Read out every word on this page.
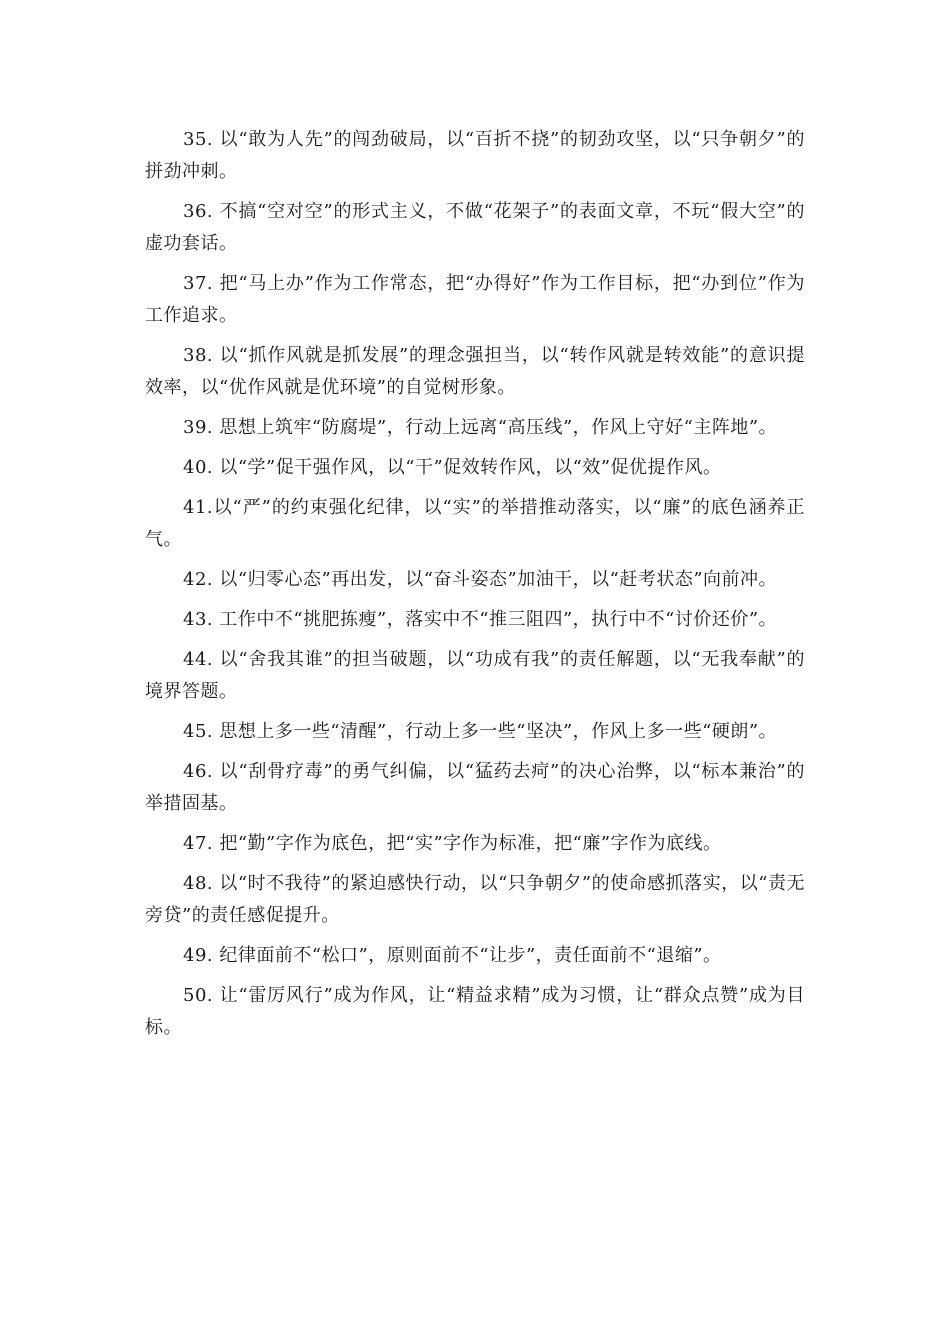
35. 以“敢为人先”的闯劲破局，以“百折不挠”的韧劲攻坚，以“只争朝夕”的拼劲冲刺。

36. 不搞“空对空”的形式主义，不做“花架子”的表面文章，不玩“假大空”的虚功套话。

37. 把“马上办”作为工作常态，把“办得好”作为工作目标，把“办到位”作为工作追求。

38. 以“抓作风就是抓发展”的理念强担当，以“转作风就是转效能”的意识提效率，以“优作风就是优环境”的自觉树形象。

39. 思想上筑牢“防腐堤”，行动上远离“高压线”，作风上守好“主阵地”。

40. 以“学”促干强作风，以“干”促效转作风，以“效”促优提作风。

41.以“严”的约束强化纪律，以“实”的举措推动落实，以“廉”的底色涵养正气。

42. 以“归零心态”再出发，以“奋斗姿态”加油干，以“赶考状态”向前冲。

43. 工作中不“挑肥拣瘦”，落实中不“推三阻四”，执行中不“讨价还价”。

44. 以“舍我其谁”的担当破题，以“功成有我”的责任解题，以“无我奉献”的境界答题。

45. 思想上多一些“清醒”，行动上多一些“坚决”，作风上多一些“硬朗”。

46. 以“刮骨疗毒”的勇气纠偏，以“猛药去疴”的决心治弊，以“标本兼治”的举措固基。

47. 把“勤”字作为底色，把“实”字作为标准，把“廉”字作为底线。

48. 以“时不我待”的紧迫感快行动，以“只争朝夕”的使命感抓落实，以“责无旁贷”的责任感促提升。

49. 纪律面前不“松口”，原则面前不“让步”，责任面前不“退缩”。

50. 让“雷厉风行”成为作风，让“精益求精”成为习惯，让“群众点赞”成为目标。
